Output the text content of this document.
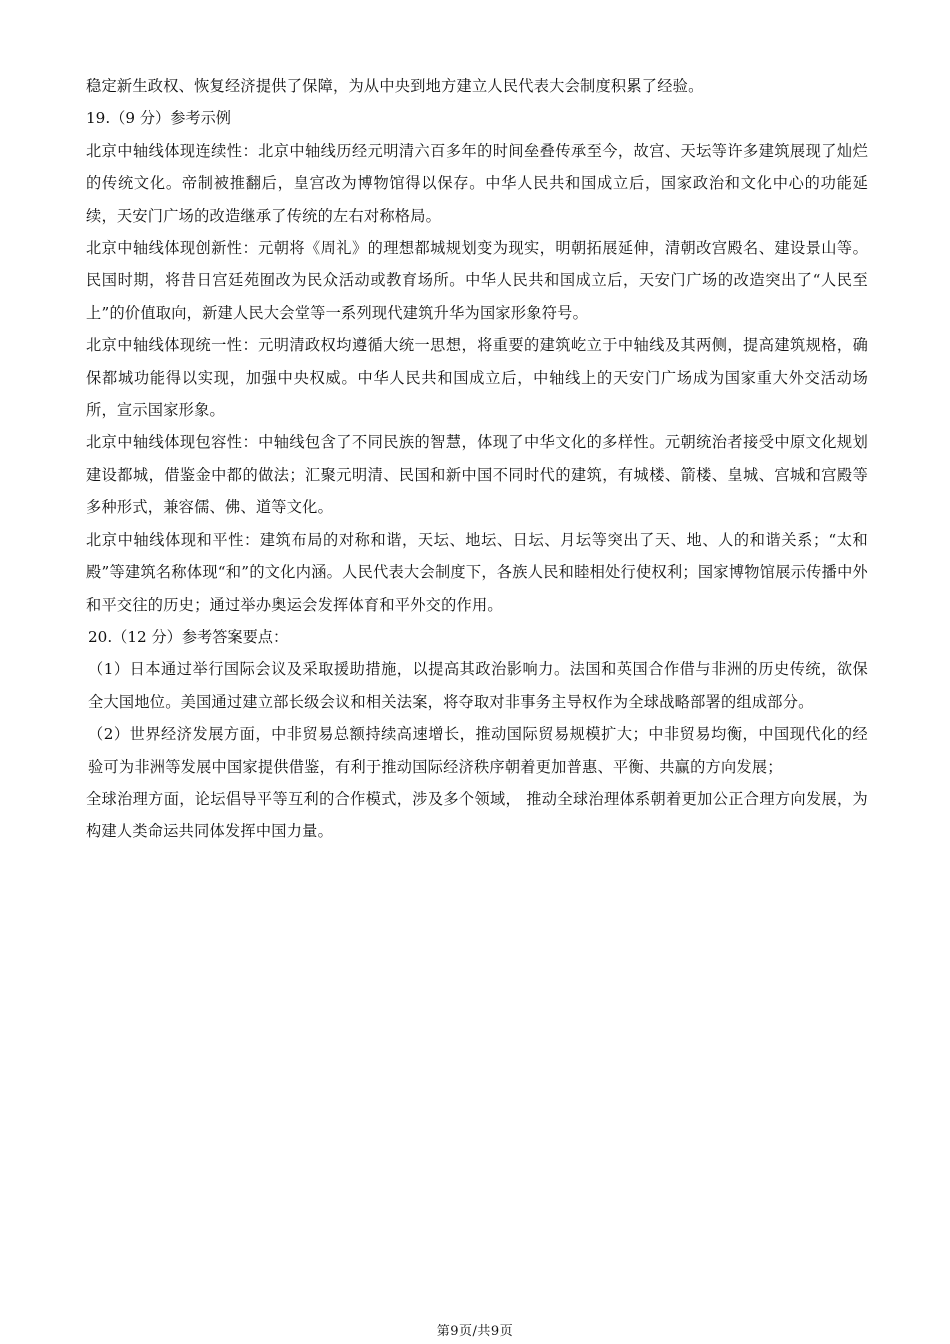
稳定新生政权、恢复经济提供了保障，为从中央到地方建立人民代表大会制度积累了经验。

19.（9 分）参考示例

北京中轴线体现连续性：北京中轴线历经元明清六百多年的时间垒叠传承至今，故宫、天坛等许多建筑展现了灿烂的传统文化。帝制被推翻后，皇宫改为博物馆得以保存。中华人民共和国成立后，国家政治和文化中心的功能延续，天安门广场的改造继承了传统的左右对称格局。

北京中轴线体现创新性：元朝将《周礼》的理想都城规划变为现实，明朝拓展延伸，清朝改宫殿名、建设景山等。民国时期，将昔日宫廷苑囿改为民众活动或教育场所。中华人民共和国成立后，天安门广场的改造突出了“人民至上”的价值取向，新建人民大会堂等一系列现代建筑升华为国家形象符号。

北京中轴线体现统一性：元明清政权均遵循大统一思想，将重要的建筑屹立于中轴线及其两侧，提高建筑规格，确保都城功能得以实现，加强中央权威。中华人民共和国成立后，中轴线上的天安门广场成为国家重大外交活动场所，宣示国家形象。

北京中轴线体现包容性：中轴线包含了不同民族的智慧，体现了中华文化的多样性。元朝统治者接受中原文化规划建设都城，借鉴金中都的做法；汇聚元明清、民国和新中国不同时代的建筑，有城楼、箭楼、皇城、宫城和宫殿等多种形式，兼容儒、佛、道等文化。

北京中轴线体现和平性：建筑布局的对称和谐，天坛、地坛、日坛、月坛等突出了天、地、人的和谐关系；“太和殿”等建筑名称体现“和”的文化内涵。人民代表大会制度下，各族人民和睦相处行使权利；国家博物馆展示传播中外和平交往的历史；通过举办奥运会发挥体育和平外交的作用。

20.（12 分）参考答案要点：

（1）日本通过举行国际会议及采取援助措施，以提高其政治影响力。法国和英国合作借与非洲的历史传统，欲保全大国地位。美国通过建立部长级会议和相关法案，将夺取对非事务主导权作为全球战略部署的组成部分。

（2）世界经济发展方面，中非贸易总额持续高速增长，推动国际贸易规模扩大；中非贸易均衡，中国现代化的经验可为非洲等发展中国家提供借鉴，有利于推动国际经济秩序朝着更加普惠、平衡、共赢的方向发展；

全球治理方面，论坛倡导平等互利的合作模式，涉及多个领域， 推动全球治理体系朝着更加公正合理方向发展，为构建人类命运共同体发挥中国力量。

第9页/共9页
